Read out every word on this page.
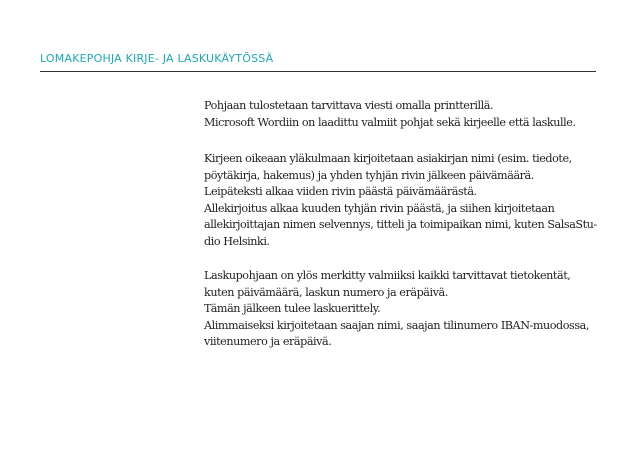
LOMAKEPOHJA KIRJE- JA LASKUKÄYTÖSSÄ
Pohjaan tulostetaan tarvittava viesti omalla printterillä.
Microsoft Wordiin on laadittu valmiit pohjat sekä kirjeelle että laskulle.
Kirjeen oikeaan yläkulmaan kirjoitetaan asiakirjan nimi (esim. tiedote,
pöytäkirja, hakemus) ja yhden tyhjän rivin jälkeen päivämäärä.
Leipäteksti alkaa viiden rivin päästä päivämäärästä.
Allekirjoitus alkaa kuuden tyhjän rivin päästä, ja siihen kirjoitetaan
allekirjoittajan nimen selvennys, titteli ja toimipaikan nimi, kuten SalsaStu-
dio Helsinki.
Laskupohjaan on ylös merkitty valmiiksi kaikki tarvittavat tietokentät,
kuten päivämäärä, laskun numero ja eräpäivä.
Tämän jälkeen tulee laskuerittely.
Alimmaiseksi kirjoitetaan saajan nimi, saajan tilinumero IBAN-muodossa,
viitenumero ja eräpäivä.
